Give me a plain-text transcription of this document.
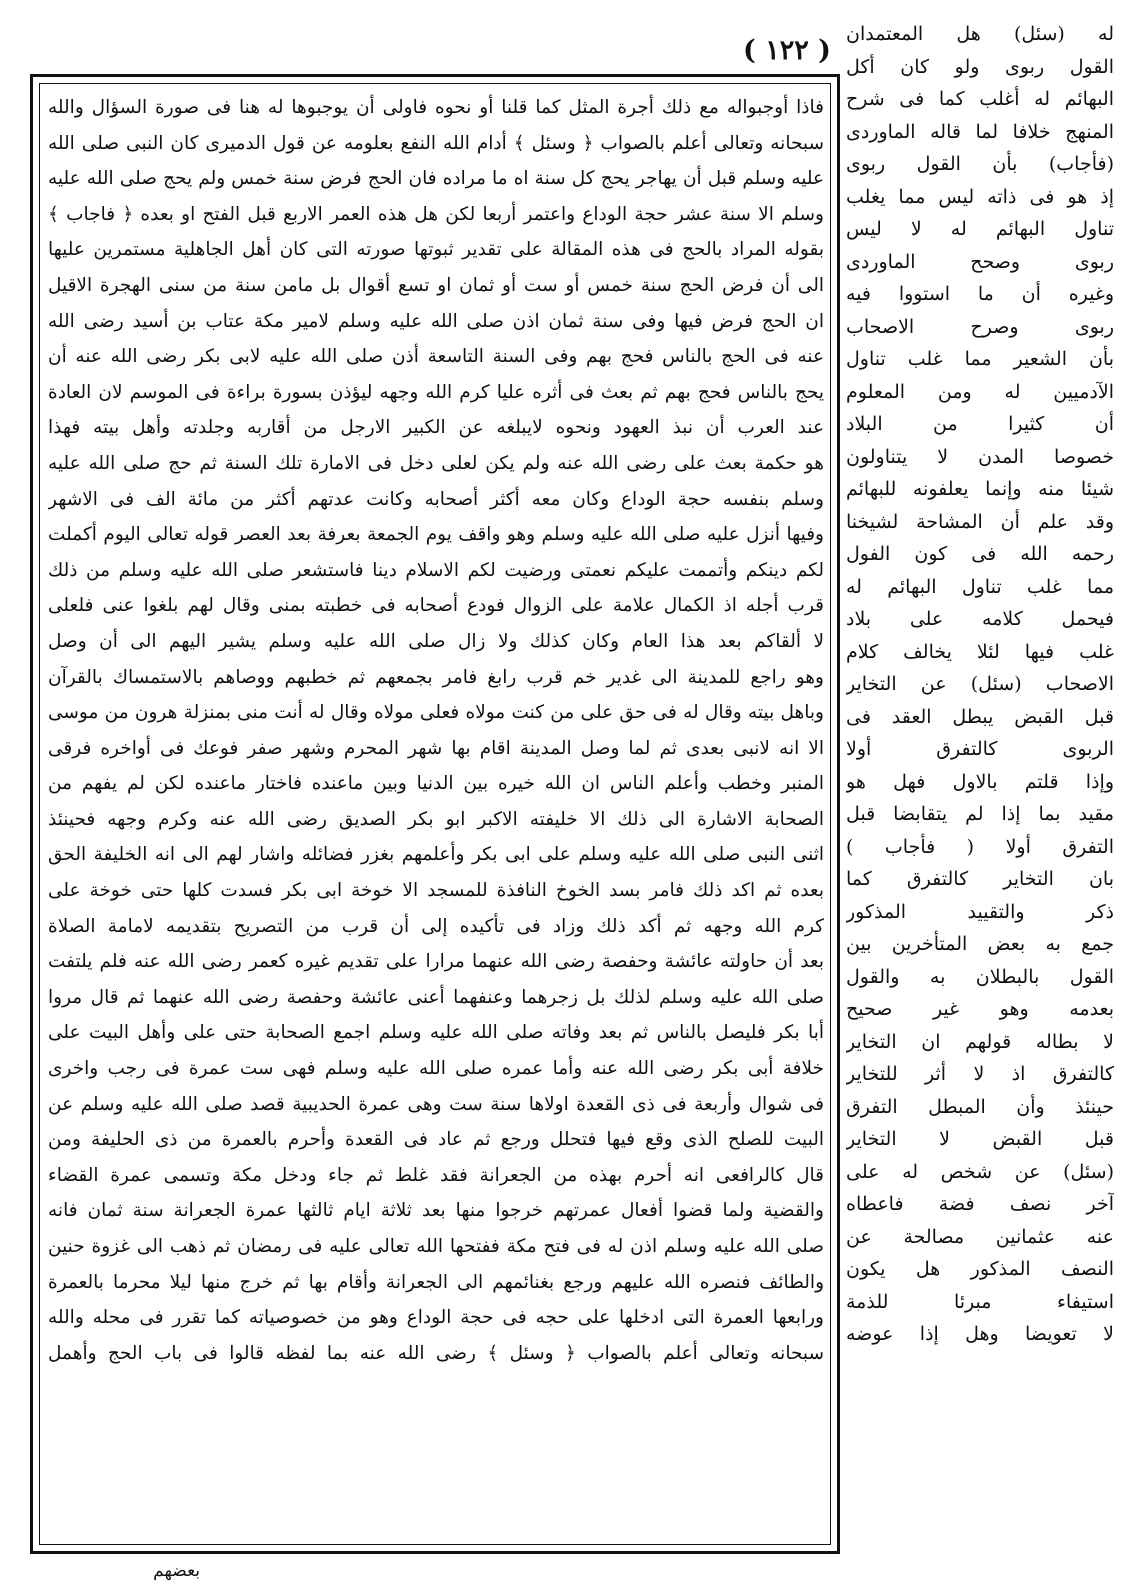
( ١٢٢ )
فاذا أوجبواله مع ذلك أجرة المثل كما قلنا أو نحوه فاولى أن يوجبوها له هنا فى صورة السؤال والله
سبحانه وتعالى أعلم بالصواب ﴿ وسئل ﴾ أدام الله النفع بعلومه عن قول الدميرى كان النبى صلى الله
عليه وسلم قبل أن يهاجر يحج كل سنة اه ما مراده فان الحج فرض سنة خمس ولم يحج صلى الله عليه
وسلم الا سنة عشر حجة الوداع واعتمر أربعا لكن هل هذه العمر الاربع قبل الفتح او بعده ﴿ فاجاب ﴾
بقوله المراد بالحج فى هذه المقالة على تقدير ثبوتها صورته التى كان أهل الجاهلية مستمرين عليها
الى أن فرض الحج سنة خمس أو ست أو ثمان او تسع أقوال بل مامن سنة من سنى الهجرة الاقيل
ان الحج فرض فيها وفى سنة ثمان اذن صلى الله عليه وسلم لامير مكة عتاب بن أسيد رضى الله
عنه فى الحج بالناس فحج بهم وفى السنة التاسعة أذن صلى الله عليه لابى بكر رضى الله عنه أن
يحج بالناس فحج بهم ثم بعث فى أثره عليا كرم الله وجهه ليؤذن بسورة براءة فى الموسم لان العادة
عند العرب أن نبذ العهود ونحوه لايبلغه عن الكبير الارجل من أقاربه وجلدته وأهل بيته فهذا
هو حكمة بعث على رضى الله عنه ولم يكن لعلى دخل فى الامارة تلك السنة ثم حج صلى الله عليه
وسلم بنفسه حجة الوداع وكان معه أكثر أصحابه وكانت عدتهم أكثر من مائة الف فى الاشهر
وفيها أنزل عليه صلى الله عليه وسلم وهو واقف يوم الجمعة بعرفة بعد العصر قوله تعالى اليوم أكملت
لكم دينكم وأتممت عليكم نعمتى ورضيت لكم الاسلام دينا فاستشعر صلى الله عليه وسلم من ذلك
قرب أجله اذ الكمال علامة على الزوال فودع أصحابه فى خطبته بمنى وقال لهم بلغوا عنى فلعلى
لا ألقاكم بعد هذا العام وكان كذلك ولا زال صلى الله عليه وسلم يشير اليهم الى أن وصل
وهو راجع للمدينة الى غدير خم قرب رابغ فامر بجمعهم ثم خطبهم ووصاهم بالاستمساك بالقرآن
وباهل بيته وقال له فى حق على من كنت مولاه فعلى مولاه وقال له أنت منى بمنزلة هرون من موسى
الا انه لانبى بعدى ثم لما وصل المدينة اقام بها شهر المحرم وشهر صفر فوعك فى أواخره فرقى
المنبر وخطب وأعلم الناس ان الله خيره بين الدنيا وبين ماعنده فاختار ماعنده لكن لم يفهم من
الصحابة الاشارة الى ذلك الا خليفته الاكبر ابو بكر الصديق رضى الله عنه وكرم وجهه فحينئذ
اثنى النبى صلى الله عليه وسلم على ابى بكر وأعلمهم بغزر فضائله واشار لهم الى انه الخليفة الحق
بعده ثم اكد ذلك فامر بسد الخوخ النافذة للمسجد الا خوخة ابى بكر فسدت كلها حتى خوخة على
كرم الله وجهه ثم أكد ذلك وزاد فى تأكيده إلى أن قرب من التصريح بتقديمه لامامة الصلاة
بعد أن حاولته عائشة وحفصة رضى الله عنهما مرارا على تقديم غيره كعمر رضى الله عنه فلم يلتفت
صلى الله عليه وسلم لذلك بل زجرهما وعنفهما أعنى عائشة وحفصة رضى الله عنهما ثم قال مروا
أبا بكر فليصل بالناس ثم بعد وفاته صلى الله عليه وسلم اجمع الصحابة حتى على وأهل البيت على
خلافة أبى بكر رضى الله عنه وأما عمره صلى الله عليه وسلم فهى ست عمرة فى رجب واخرى
فى شوال وأربعة فى ذى القعدة اولاها سنة ست وهى عمرة الحديبية قصد صلى الله عليه وسلم عن
البيت للصلح الذى وقع فيها فتحلل ورجع ثم عاد فى القعدة وأحرم بالعمرة من ذى الحليفة ومن
قال كالرافعى انه أحرم بهذه من الجعرانة فقد غلط ثم جاء ودخل مكة وتسمى عمرة القضاء
والقضية ولما قضوا أفعال عمرتهم خرجوا منها بعد ثلاثة ايام ثالثها عمرة الجعرانة سنة ثمان فانه
صلى الله عليه وسلم اذن له فى فتح مكة ففتحها الله تعالى عليه فى رمضان ثم ذهب الى غزوة حنين
والطائف فنصره الله عليهم ورجع بغنائمهم الى الجعرانة وأقام بها ثم خرج منها ليلا محرما بالعمرة
ورابعها العمرة التى ادخلها على حجه فى حجة الوداع وهو من خصوصياته كما تقرر فى محله والله
سبحانه وتعالى أعلم بالصواب ﴿ وسئل ﴾ رضى الله عنه بما لفظه قالوا فى باب الحج وأهمل
له (سئل) هل المعتمدان
القول ربوى ولو كان أكل
البهائم له أغلب كما فى شرح
المنهج خلافا لما قاله الماوردى
(فأجاب) بأن القول ربوى
إذ هو فى ذاته ليس مما يغلب
تناول البهائم له لا ليس
ربوى وصحح الماوردى
وغيره أن ما استووا فيه
ربوى وصرح الاصحاب
بأن الشعير مما غلب تناول
الآدميين له ومن المعلوم
أن كثيرا من البلاد
خصوصا المدن لا يتناولون
شيئا منه وإنما يعلفونه للبهائم
وقد علم أن المشاحة لشيخنا
رحمه الله فى كون الفول
مما غلب تناول البهائم له
فيحمل كلامه على بلاد
غلب فيها لئلا يخالف كلام
الاصحاب (سئل) عن التخاير
قبل القبض يبطل العقد فى
الربوى كالتفرق أولا
وإذا قلتم بالاول فهل هو
مقيد بما إذا لم يتقابضا قبل
التفرق أولا ( فأجاب )
بان التخاير كالتفرق كما
ذكر والتقييد المذكور
جمع به بعض المتأخرين بين
القول بالبطلان به والقول
بعدمه وهو غير صحيح
لا بطاله قولهم ان التخاير
كالتفرق اذ لا أثر للتخاير
حينئذ وأن المبطل التفرق
قبل القبض لا التخاير
(سئل) عن شخص له على
آخر نصف فضة فاعطاه
عنه عثمانين مصالحة عن
النصف المذكور هل يكون
استيفاء مبرئا للذمة
لا تعويضا وهل إذا عوضه
بعضهم
